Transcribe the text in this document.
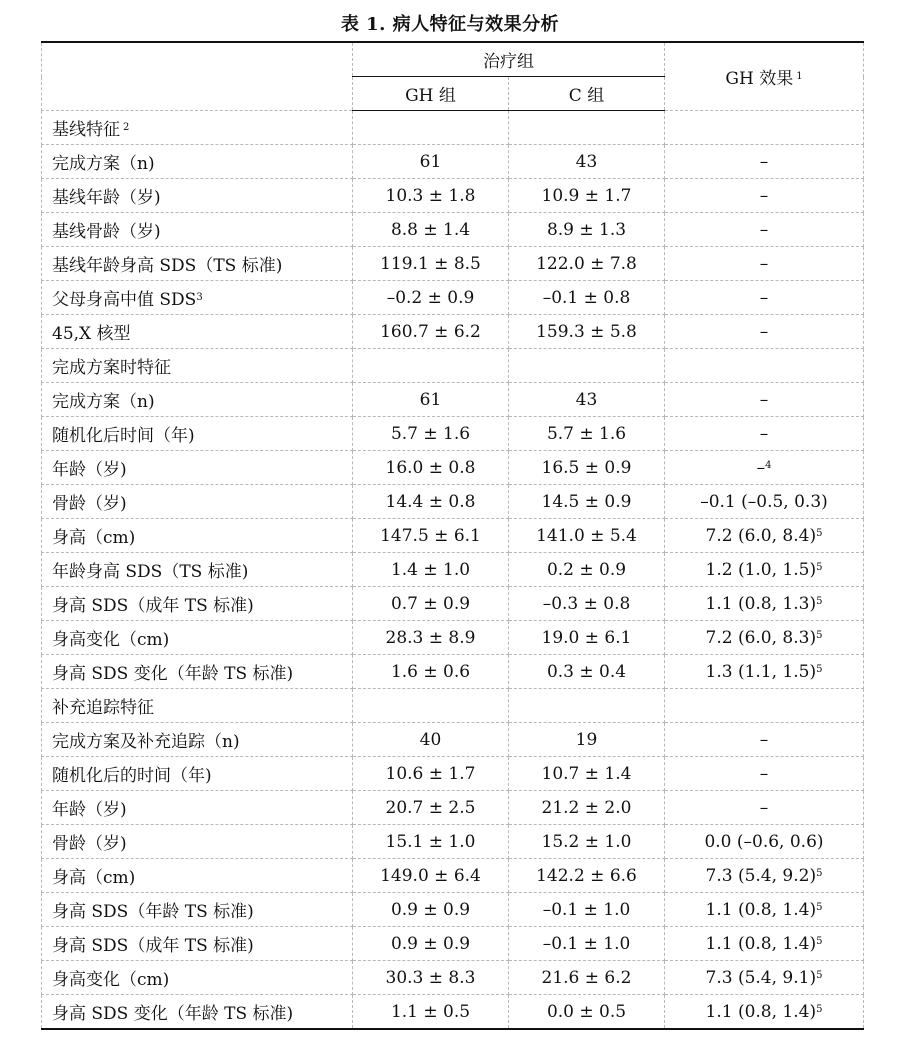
表 1. 病人特征与效果分析
	治疗组		GH 效果 $^1$
	GH 组	C 组	
基线特征 $^2$			
完成方案（n)	61	43	–
基线年龄（岁)	10.3 ± 1.8	10.9 ± 1.7	–
基线骨龄（岁)	8.8 ± 1.4	8.9 ± 1.3	–
基线年龄身高 SDS（TS 标准)	119.1 ± 8.5	122.0 ± 7.8	–
父母身高中值 SDS$^3$	–0.2 ± 0.9	–0.1 ± 0.8	–
45,X 核型	160.7 ± 6.2	159.3 ± 5.8	–
完成方案时特征			
完成方案（n)	61	43	–
随机化后时间（年)	5.7 ± 1.6	5.7 ± 1.6	–
年龄（岁)	16.0 ± 0.8	16.5 ± 0.9	–$^4$
骨龄（岁)	14.4 ± 0.8	14.5 ± 0.9	–0.1 (–0.5, 0.3)
身高（cm)	147.5 ± 6.1	141.0 ± 5.4	7.2 (6.0, 8.4)$^5$
年龄身高 SDS（TS 标准)	1.4 ± 1.0	0.2 ± 0.9	1.2 (1.0, 1.5)$^5$
身高 SDS（成年 TS 标准)	0.7 ± 0.9	–0.3 ± 0.8	1.1 (0.8, 1.3)$^5$
身高变化（cm)	28.3 ± 8.9	19.0 ± 6.1	7.2 (6.0, 8.3)$^5$
身高 SDS 变化（年龄 TS 标准)	1.6 ± 0.6	0.3 ± 0.4	1.3 (1.1, 1.5)$^5$
补充追踪特征			
完成方案及补充追踪（n)	40	19	–
随机化后的时间（年)	10.6 ± 1.7	10.7 ± 1.4	–
年龄（岁)	20.7 ± 2.5	21.2 ± 2.0	–
骨龄（岁)	15.1 ± 1.0	15.2 ± 1.0	0.0 (–0.6, 0.6)
身高（cm)	149.0 ± 6.4	142.2 ± 6.6	7.3 (5.4, 9.2)$^5$
身高 SDS（年龄 TS 标准)	0.9 ± 0.9	–0.1 ± 1.0	1.1 (0.8, 1.4)$^5$
身高 SDS（成年 TS 标准)	0.9 ± 0.9	–0.1 ± 1.0	1.1 (0.8, 1.4)$^5$
身高变化（cm)	30.3 ± 8.3	21.6 ± 6.2	7.3 (5.4, 9.1)$^5$
身高 SDS 变化（年龄 TS 标准)	1.1 ± 0.5	0.0 ± 0.5	1.1 (0.8, 1.4)$^5$
